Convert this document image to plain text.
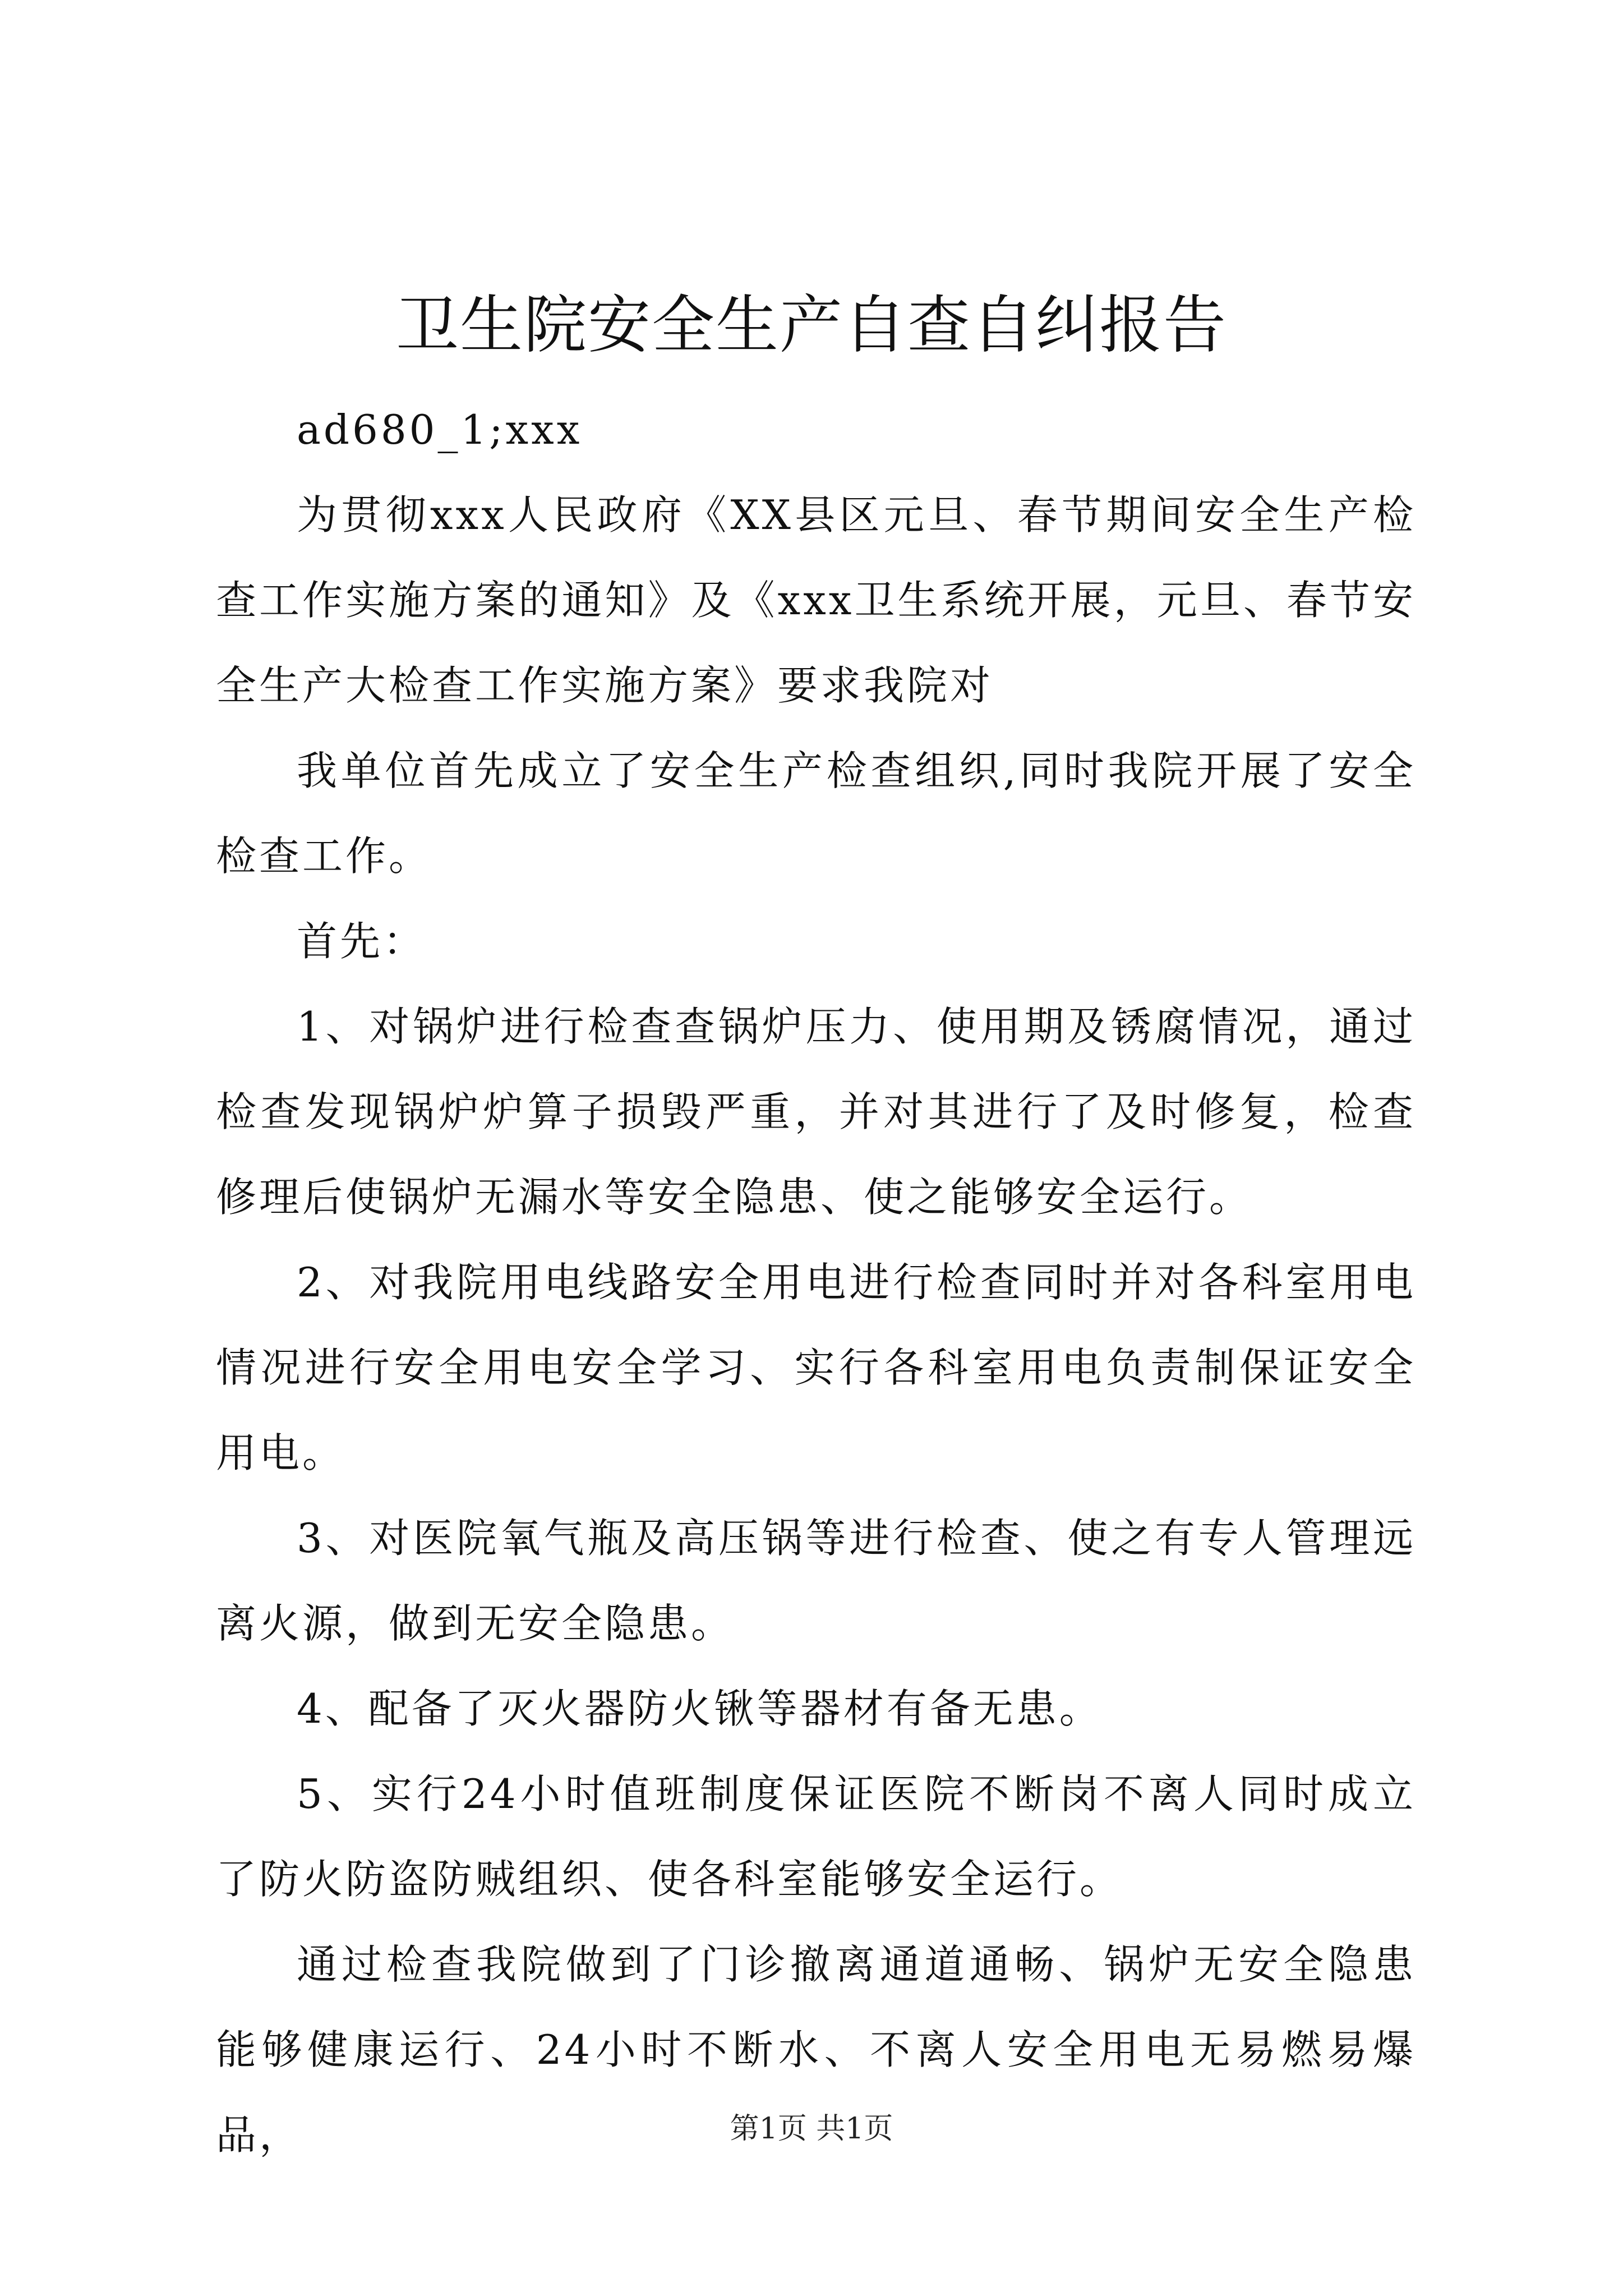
卫生院安全生产自查自纠报告

ad680_1;xxx

为贯彻xxx人民政府《XX县区元旦、春节期间安全生产检查工作实施方案的通知》及《xxx卫生系统开展，元旦、春节安全生产大检查工作实施方案》要求我院对

我单位首先成立了安全生产检查组织,同时我院开展了安全检查工作。

首先：

1、对锅炉进行检查查锅炉压力、使用期及锈腐情况，通过检查发现锅炉炉算子损毁严重，并对其进行了及时修复，检查修理后使锅炉无漏水等安全隐患、使之能够安全运行。

2、对我院用电线路安全用电进行检查同时并对各科室用电情况进行安全用电安全学习、实行各科室用电负责制保证安全用电。

3、对医院氧气瓶及高压锅等进行检查、使之有专人管理远离火源，做到无安全隐患。

4、配备了灭火器防火锹等器材有备无患。

5、实行24小时值班制度保证医院不断岗不离人同时成立了防火防盗防贼组织、使各科室能够安全运行。

通过检查我院做到了门诊撤离通道通畅、锅炉无安全隐患能够健康运行、24小时不断水、不离人安全用电无易燃易爆品，	第1页 共1页
